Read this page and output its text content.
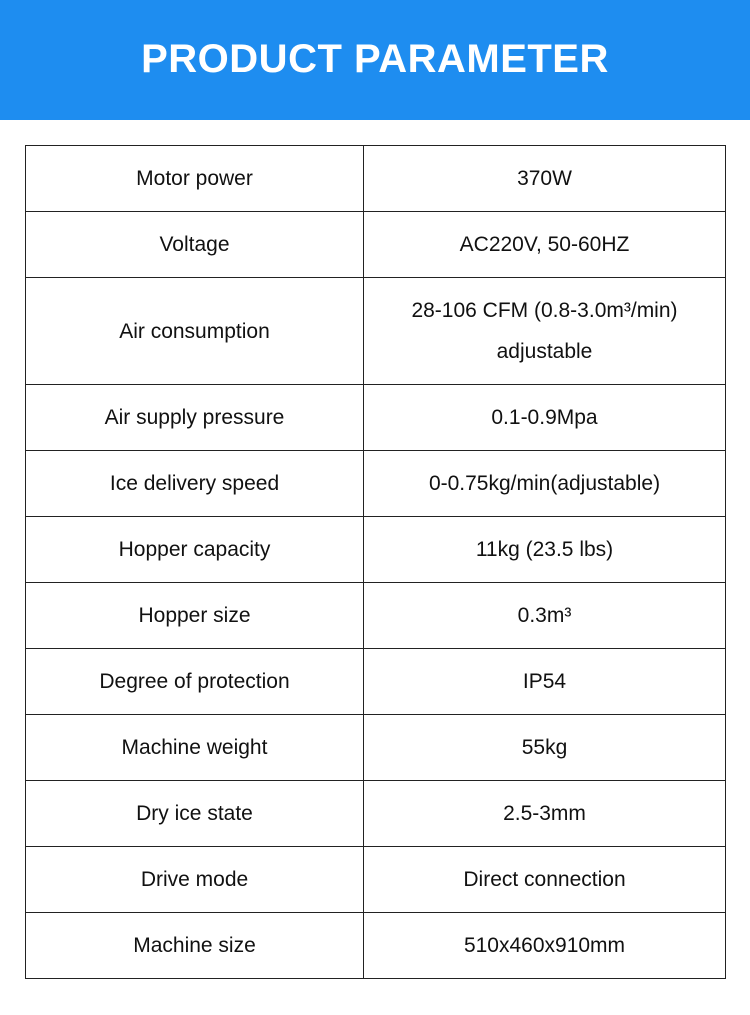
PRODUCT PARAMETER
Motor power	370W
Voltage	AC220V, 50-60HZ
Air consumption	28-106 CFM (0.8-3.0m³/min) adjustable
Air supply pressure	0.1-0.9Mpa
Ice delivery speed	0-0.75kg/min(adjustable)
Hopper capacity	11kg (23.5 lbs)
Hopper size	0.3m³
Degree of protection	IP54
Machine weight	55kg
Dry ice state	2.5-3mm
Drive mode	Direct connection
Machine size	510x460x910mm
